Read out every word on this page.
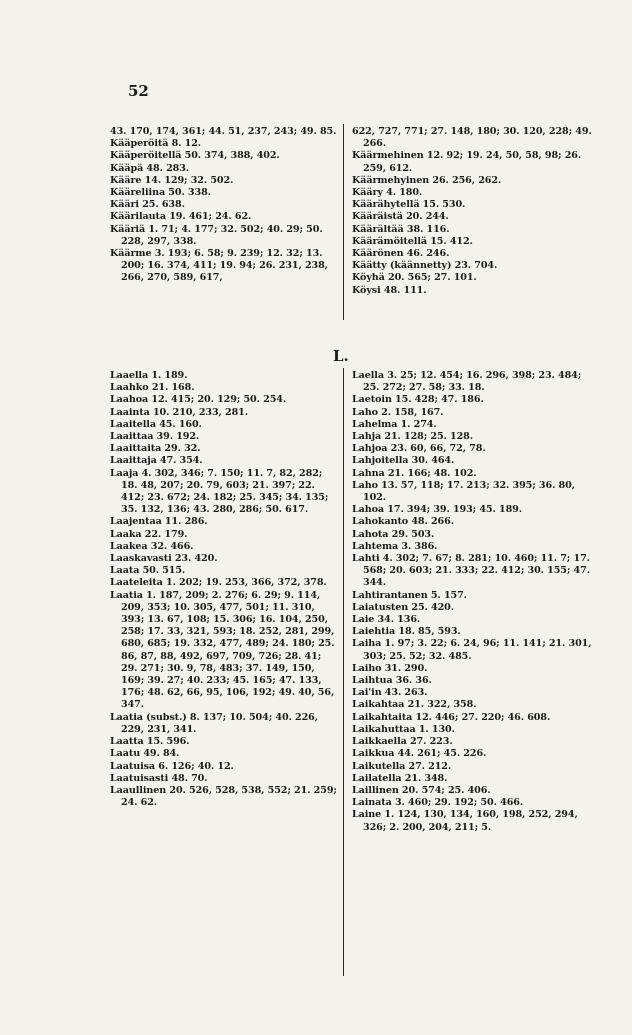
52
43. 170, 174, 361; 44. 51, 237, 243; 49. 85.
Kääperöitä 8. 12.
Kääperöitellä 50. 374, 388, 402.
Kääpä 48. 283.
Kääre 14. 129; 32. 502.
Kääreliina 50. 338.
Kääri 25. 638.
Käärilauta 19. 461; 24. 62.
Kääriä 1. 71; 4. 177; 32. 502; 40. 29; 50. 228, 297, 338.
Käärme 3. 193; 6. 58; 9. 239; 12. 32; 13. 200; 16. 374, 411; 19. 94; 26. 231, 238, 266, 270, 589, 617,
622, 727, 771; 27. 148, 180; 30. 120, 228; 49. 266.
Käärmehinen 12. 92; 19. 24, 50, 58, 98; 26. 259, 612.
Käärmehyinen 26. 256, 262.
Kääry 4. 180.
Käärähytellä 15. 530.
Kääräistä 20. 244.
Käärältää 38. 116.
Käärämöitellä 15. 412.
Käärönen 46. 246.
Käätty (käännetty) 23. 704.
Köyhä 20. 565; 27. 101.
Köysi 48. 111.
L.
Laaella 1. 189.
Laahko 21. 168.
Laahoa 12. 415; 20. 129; 50. 254.
Laainta 10. 210, 233, 281.
Laaitella 45. 160.
Laaittaa 39. 192.
Laaittaita 29. 32.
Laaittaja 47. 354.
Laaja 4. 302, 346; 7. 150; 11. 7, 82, 282; 18. 48, 207; 20. 79, 603; 21. 397; 22. 412; 23. 672; 24. 182; 25. 345; 34. 135; 35. 132, 136; 43. 280, 286; 50. 617.
Laajentaa 11. 286.
Laaka 22. 179.
Laakea 32. 466.
Laaskavasti 23. 420.
Laata 50. 515.
Laateleita 1. 202; 19. 253, 366, 372, 378.
Laatia 1. 187, 209; 2. 276; 6. 29; 9. 114, 209, 353; 10. 305, 477, 501; 11. 310, 393; 13. 67, 108; 15. 306; 16. 104, 250, 258; 17. 33, 321, 593; 18. 252, 281, 299, 680, 685; 19. 332, 477, 489; 24. 180; 25. 86, 87, 88, 492, 697, 709, 726; 28. 41; 29. 271; 30. 9, 78, 483; 37. 149, 150, 169; 39. 27; 40. 233; 45. 165; 47. 133, 176; 48. 62, 66, 95, 106, 192; 49. 40, 56, 347.
Laatia (subst.) 8. 137; 10. 504; 40. 226, 229, 231, 341.
Laatta 15. 596.
Laatu 49. 84.
Laatuisa 6. 126; 40. 12.
Laatuisasti 48. 70.
Laaullinen 20. 526, 528, 538, 552; 21. 259; 24. 62.
Laella 3. 25; 12. 454; 16. 296, 398; 23. 484; 25. 272; 27. 58; 33. 18.
Laetoin 15. 428; 47. 186.
Laho 2. 158, 167.
Lahelma 1. 274.
Lahja 21. 128; 25. 128.
Lahjoa 23. 60, 66, 72, 78.
Lahjoitella 30. 464.
Lahna 21. 166; 48. 102.
Laho 13. 57, 118; 17. 213; 32. 395; 36. 80, 102.
Lahoa 17. 394; 39. 193; 45. 189.
Lahokanto 48. 266.
Lahota 29. 503.
Lahtema 3. 386.
Lahti 4. 302; 7. 67; 8. 281; 10. 460; 11. 7; 17. 568; 20. 603; 21. 333; 22. 412; 30. 155; 47. 344.
Lahtirantanen 5. 157.
Laiatusten 25. 420.
Laie 34. 136.
Laiehtia 18. 85, 593.
Laiha 1. 97; 3. 22; 6. 24, 96; 11. 141; 21. 301, 303; 25. 52; 32. 485.
Laiho 31. 290.
Laihtua 36. 36.
Lai'in 43. 263.
Laikahtaa 21. 322, 358.
Laikahtaita 12. 446; 27. 220; 46. 608.
Laikahuttaa 1. 130.
Laikkaella 27. 223.
Laikkua 44. 261; 45. 226.
Laikutella 27. 212.
Lailatella 21. 348.
Laillinen 20. 574; 25. 406.
Lainata 3. 460; 29. 192; 50. 466.
Laine 1. 124, 130, 134, 160, 198, 252, 294, 326; 2. 200, 204, 211; 5.
